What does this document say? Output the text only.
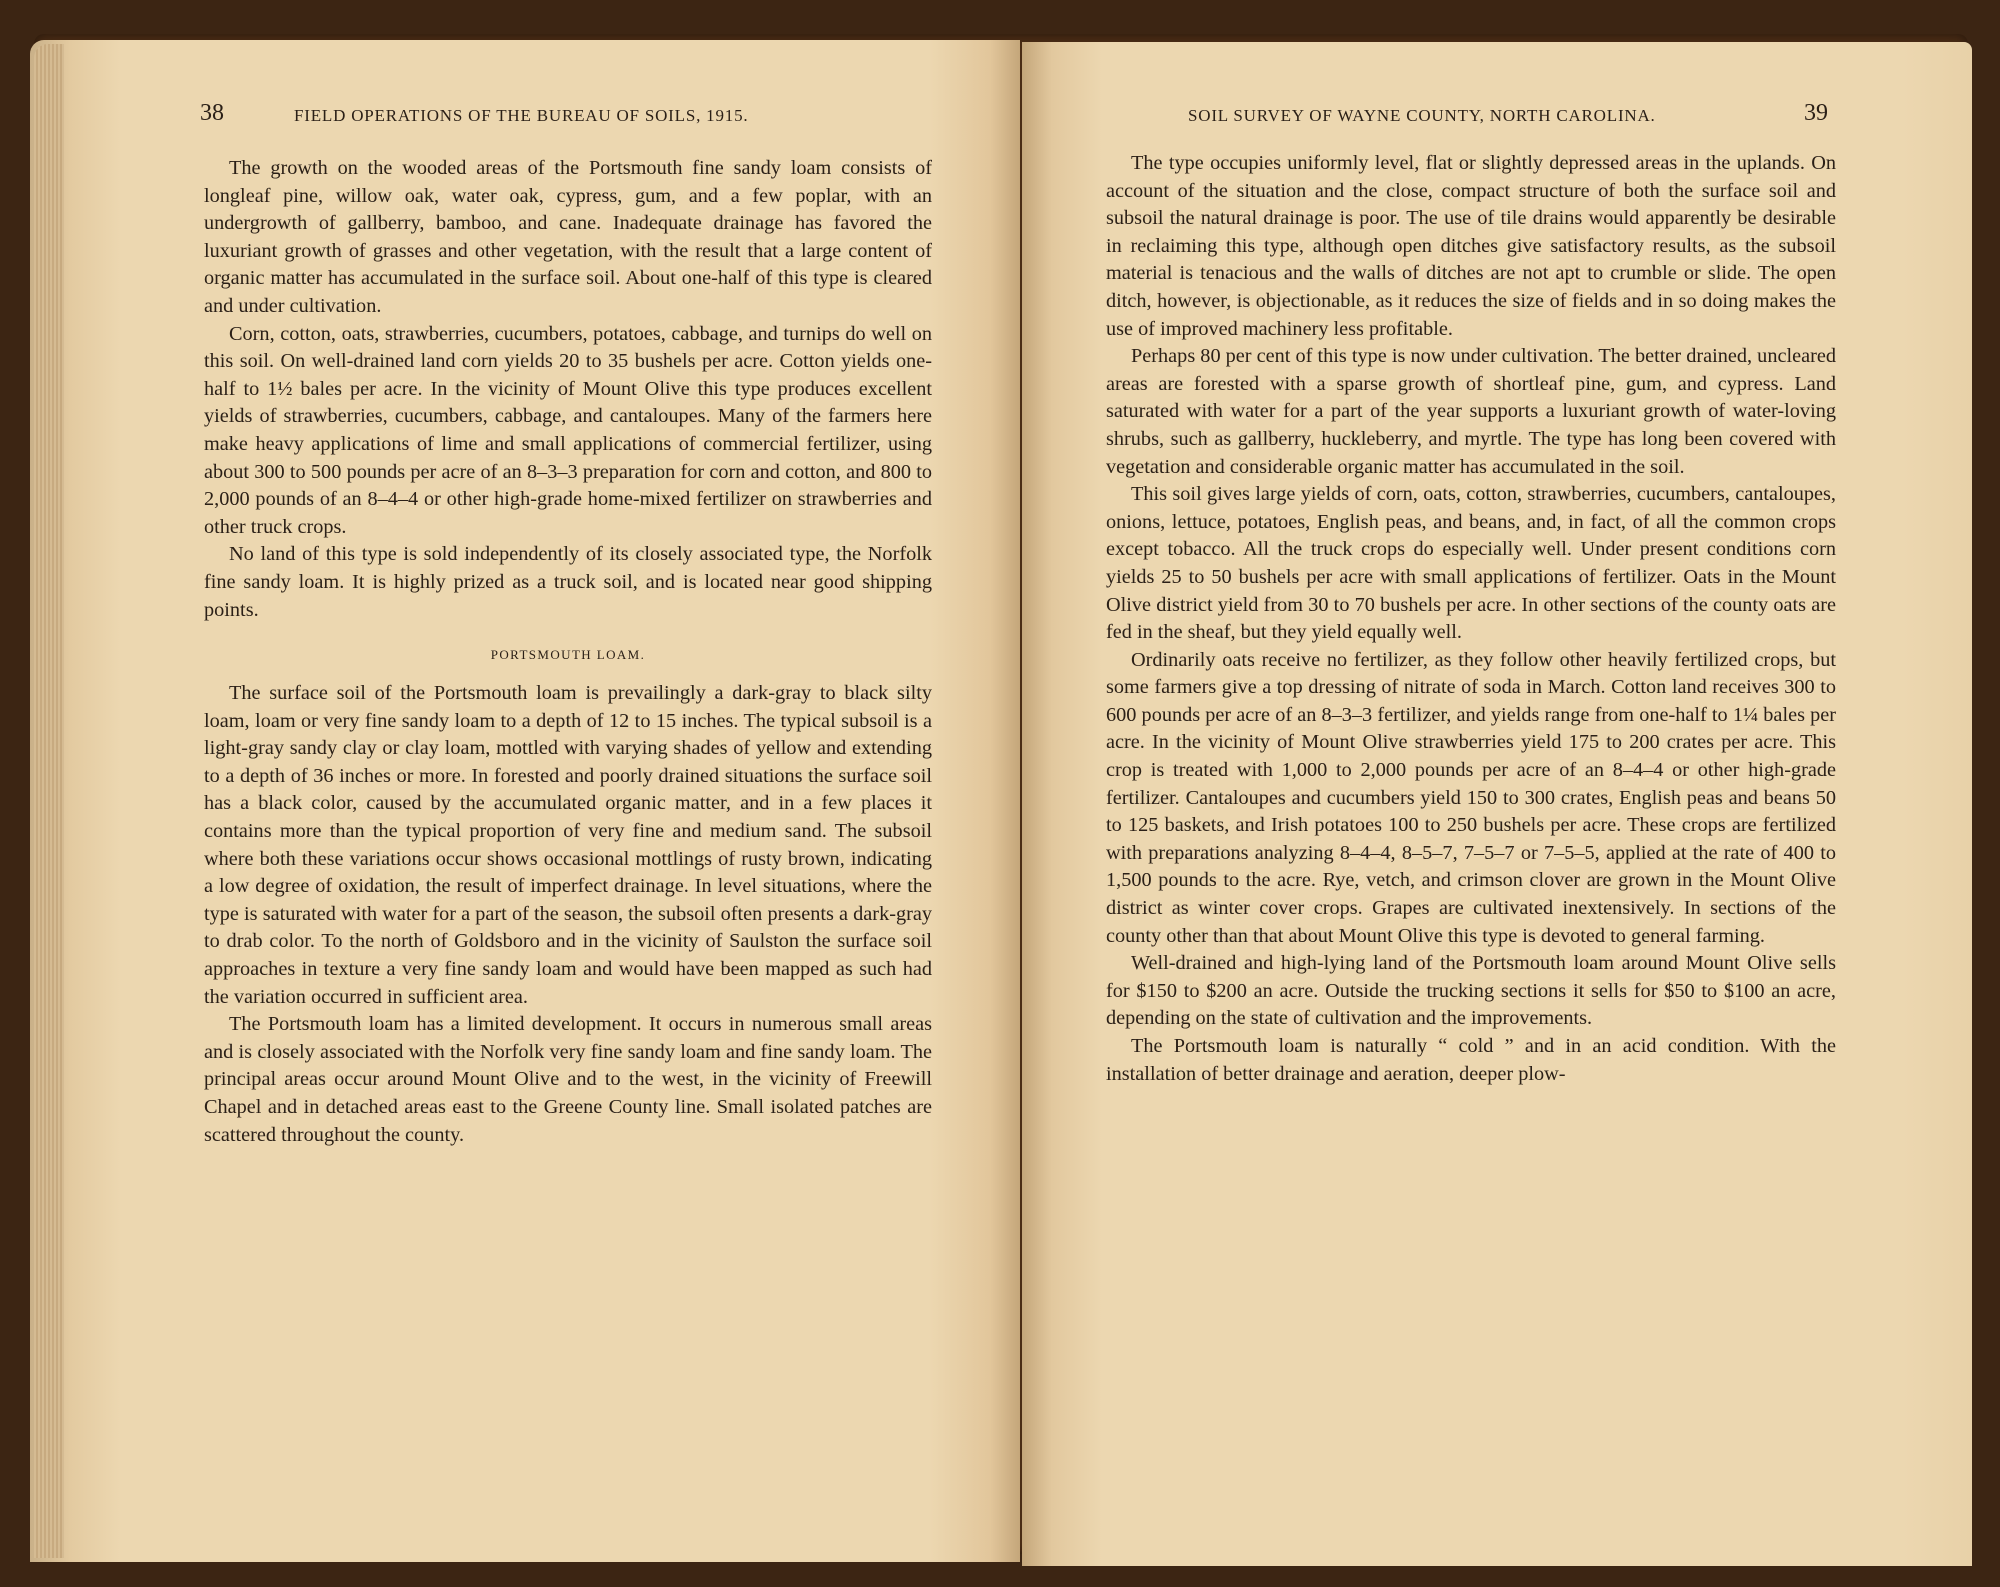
38	FIELD OPERATIONS OF THE BUREAU OF SOILS, 1915.	SOIL SURVEY OF WAYNE COUNTY, NORTH CAROLINA.	39

The growth on the wooded areas of the Portsmouth fine sandy loam consists of longleaf pine, willow oak, water oak, cypress, gum, and a few poplar, with an undergrowth of gallberry, bamboo, and cane. Inadequate drainage has favored the luxuriant growth of grasses and other vegetation, with the result that a large content of organic matter has accumulated in the surface soil. About one-half of this type is cleared and under cultivation.

Corn, cotton, oats, strawberries, cucumbers, potatoes, cabbage, and turnips do well on this soil. On well-drained land corn yields 20 to 35 bushels per acre. Cotton yields one-half to 1½ bales per acre. In the vicinity of Mount Olive this type produces excellent yields of strawberries, cucumbers, cabbage, and cantaloupes. Many of the farmers here make heavy applications of lime and small applications of commercial fertilizer, using about 300 to 500 pounds per acre of an 8–3–3 preparation for corn and cotton, and 800 to 2,000 pounds of an 8–4–4 or other high-grade home-mixed fertilizer on strawberries and other truck crops.

No land of this type is sold independently of its closely associated type, the Norfolk fine sandy loam. It is highly prized as a truck soil, and is located near good shipping points.

PORTSMOUTH LOAM.

The surface soil of the Portsmouth loam is prevailingly a dark-gray to black silty loam, loam or very fine sandy loam to a depth of 12 to 15 inches. The typical subsoil is a light-gray sandy clay or clay loam, mottled with varying shades of yellow and extending to a depth of 36 inches or more. In forested and poorly drained situations the surface soil has a black color, caused by the accumulated organic matter, and in a few places it contains more than the typical proportion of very fine and medium sand. The subsoil where both these variations occur shows occasional mottlings of rusty brown, indicating a low degree of oxidation, the result of imperfect drainage. In level situations, where the type is saturated with water for a part of the season, the subsoil often presents a dark-gray to drab color. To the north of Goldsboro and in the vicinity of Saulston the surface soil approaches in texture a very fine sandy loam and would have been mapped as such had the variation occurred in sufficient area.

The Portsmouth loam has a limited development. It occurs in numerous small areas and is closely associated with the Norfolk very fine sandy loam and fine sandy loam. The principal areas occur around Mount Olive and to the west, in the vicinity of Freewill Chapel and in detached areas east to the Greene County line. Small isolated patches are scattered throughout the county.

The type occupies uniformly level, flat or slightly depressed areas in the uplands. On account of the situation and the close, compact structure of both the surface soil and subsoil the natural drainage is poor. The use of tile drains would apparently be desirable in reclaiming this type, although open ditches give satisfactory results, as the subsoil material is tenacious and the walls of ditches are not apt to crumble or slide. The open ditch, however, is objectionable, as it reduces the size of fields and in so doing makes the use of improved machinery less profitable.

Perhaps 80 per cent of this type is now under cultivation. The better drained, uncleared areas are forested with a sparse growth of shortleaf pine, gum, and cypress. Land saturated with water for a part of the year supports a luxuriant growth of water-loving shrubs, such as gallberry, huckleberry, and myrtle. The type has long been covered with vegetation and considerable organic matter has accumulated in the soil.

This soil gives large yields of corn, oats, cotton, strawberries, cucumbers, cantaloupes, onions, lettuce, potatoes, English peas, and beans, and, in fact, of all the common crops except tobacco. All the truck crops do especially well. Under present conditions corn yields 25 to 50 bushels per acre with small applications of fertilizer. Oats in the Mount Olive district yield from 30 to 70 bushels per acre. In other sections of the county oats are fed in the sheaf, but they yield equally well.

Ordinarily oats receive no fertilizer, as they follow other heavily fertilized crops, but some farmers give a top dressing of nitrate of soda in March. Cotton land receives 300 to 600 pounds per acre of an 8–3–3 fertilizer, and yields range from one-half to 1¼ bales per acre. In the vicinity of Mount Olive strawberries yield 175 to 200 crates per acre. This crop is treated with 1,000 to 2,000 pounds per acre of an 8–4–4 or other high-grade fertilizer. Cantaloupes and cucumbers yield 150 to 300 crates, English peas and beans 50 to 125 baskets, and Irish potatoes 100 to 250 bushels per acre. These crops are fertilized with preparations analyzing 8–4–4, 8–5–7, 7–5–7 or 7–5–5, applied at the rate of 400 to 1,500 pounds to the acre. Rye, vetch, and crimson clover are grown in the Mount Olive district as winter cover crops. Grapes are cultivated inextensively. In sections of the county other than that about Mount Olive this type is devoted to general farming.

Well-drained and high-lying land of the Portsmouth loam around Mount Olive sells for $150 to $200 an acre. Outside the trucking sections it sells for $50 to $100 an acre, depending on the state of cultivation and the improvements.

The Portsmouth loam is naturally “ cold ” and in an acid condition. With the installation of better drainage and aeration, deeper plow-
